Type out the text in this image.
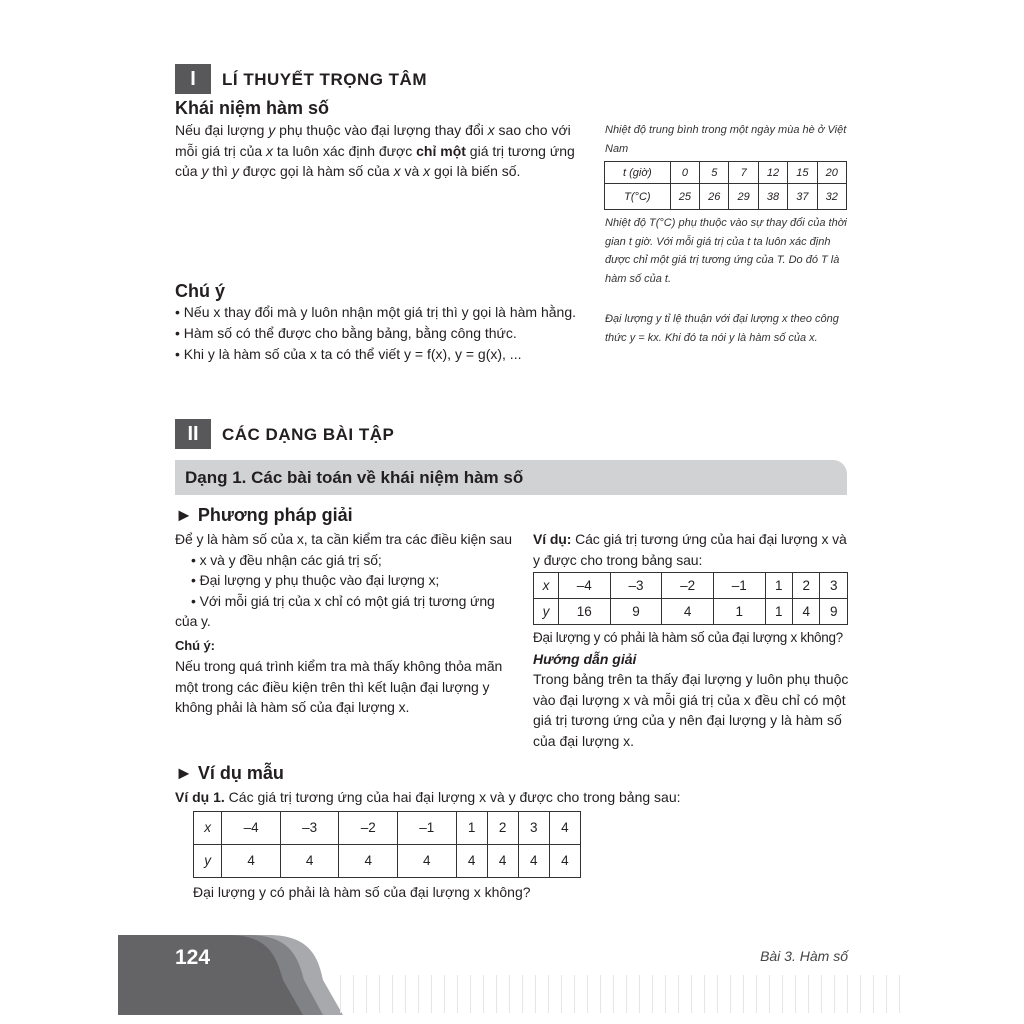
I	LÍ THUYẾT TRỌNG TÂM
Khái niệm hàm số
Nếu đại lượng y phụ thuộc vào đại lượng thay đổi x sao cho với mỗi giá trị của x ta luôn xác định được chỉ một giá trị tương ứng của y thì y được gọi là hàm số của x và x gọi là biến số.
Nhiệt độ trung bình trong một ngày mùa hè ở Việt Nam
t (giờ)	0	5	7	12	15	20
T(°C)	25	26	29	38	37	32
Nhiệt độ T(°C) phụ thuộc vào sự thay đổi của thời gian t giờ. Với mỗi giá trị của t ta luôn xác định được chỉ một giá trị tương ứng của T. Do đó T là hàm số của t.
Đại lượng y tỉ lệ thuận với đại lượng x theo công thức y = kx. Khi đó ta nói y là hàm số của x.
Chú ý
• Nếu x thay đổi mà y luôn nhận một giá trị thì y gọi là hàm hằng.
• Hàm số có thể được cho bằng bảng, bằng công thức.
• Khi y là hàm số của x ta có thể viết y = f(x), y = g(x), ...
II	CÁC DẠNG BÀI TẬP
Dạng 1. Các bài toán về khái niệm hàm số
► Phương pháp giải
Để y là hàm số của x, ta cần kiểm tra các điều kiện sau
• x và y đều nhận các giá trị số;
• Đại lượng y phụ thuộc vào đại lượng x;
• Với mỗi giá trị của x chỉ có một giá trị tương ứng
của y.
Chú ý:
Nếu trong quá trình kiểm tra mà thấy không thỏa mãn một trong các điều kiện trên thì kết luận đại lượng y không phải là hàm số của đại lượng x.
Ví dụ: Các giá trị tương ứng của hai đại lượng x và y được cho trong bảng sau:
x	–4	–3	–2	–1	1	2	3
y	16	9	4	1	1	4	9
Đại lượng y có phải là hàm số của đại lượng x không?
Hướng dẫn giải
Trong bảng trên ta thấy đại lượng y luôn phụ thuộc vào đại lượng x và mỗi giá trị của x đều chỉ có một giá trị tương ứng của y nên đại lượng y là hàm số của đại lượng x.
► Ví dụ mẫu
Ví dụ 1. Các giá trị tương ứng của hai đại lượng x và y được cho trong bảng sau:
x	–4	–3	–2	–1	1	2	3	4
y	4	4	4	4	4	4	4	4
Đại lượng y có phải là hàm số của đại lượng x không?
124	Bài 3. Hàm số
